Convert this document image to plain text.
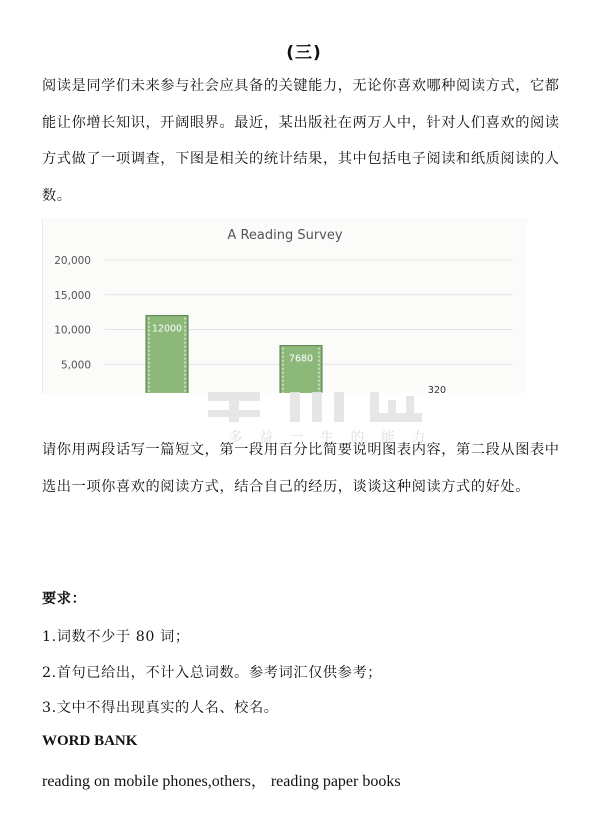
(三)
阅读是同学们未来参与社会应具备的关键能力，无论你喜欢哪种阅读方式，它都能让你增长知识，开阔眼界。最近，某出版社在两万人中，针对人们喜欢的阅读方式做了一项调查，下图是相关的统计结果，其中包括电子阅读和纸质阅读的人数。
A Reading Survey
5,000
10,000
15,000
20,000
12000
7680
320
多 益 一 生 的 能 力
请你用两段话写一篇短文，第一段用百分比简要说明图表内容，第二段从图表中选出一项你喜欢的阅读方式，结合自己的经历，谈谈这种阅读方式的好处。
要求：
1.词数不少于 80 词；
2.首句已给出，不计入总词数。参考词汇仅供参考；
3.文中不得出现真实的人名、校名。
WORD BANK
reading on mobile phones,others， reading paper books
